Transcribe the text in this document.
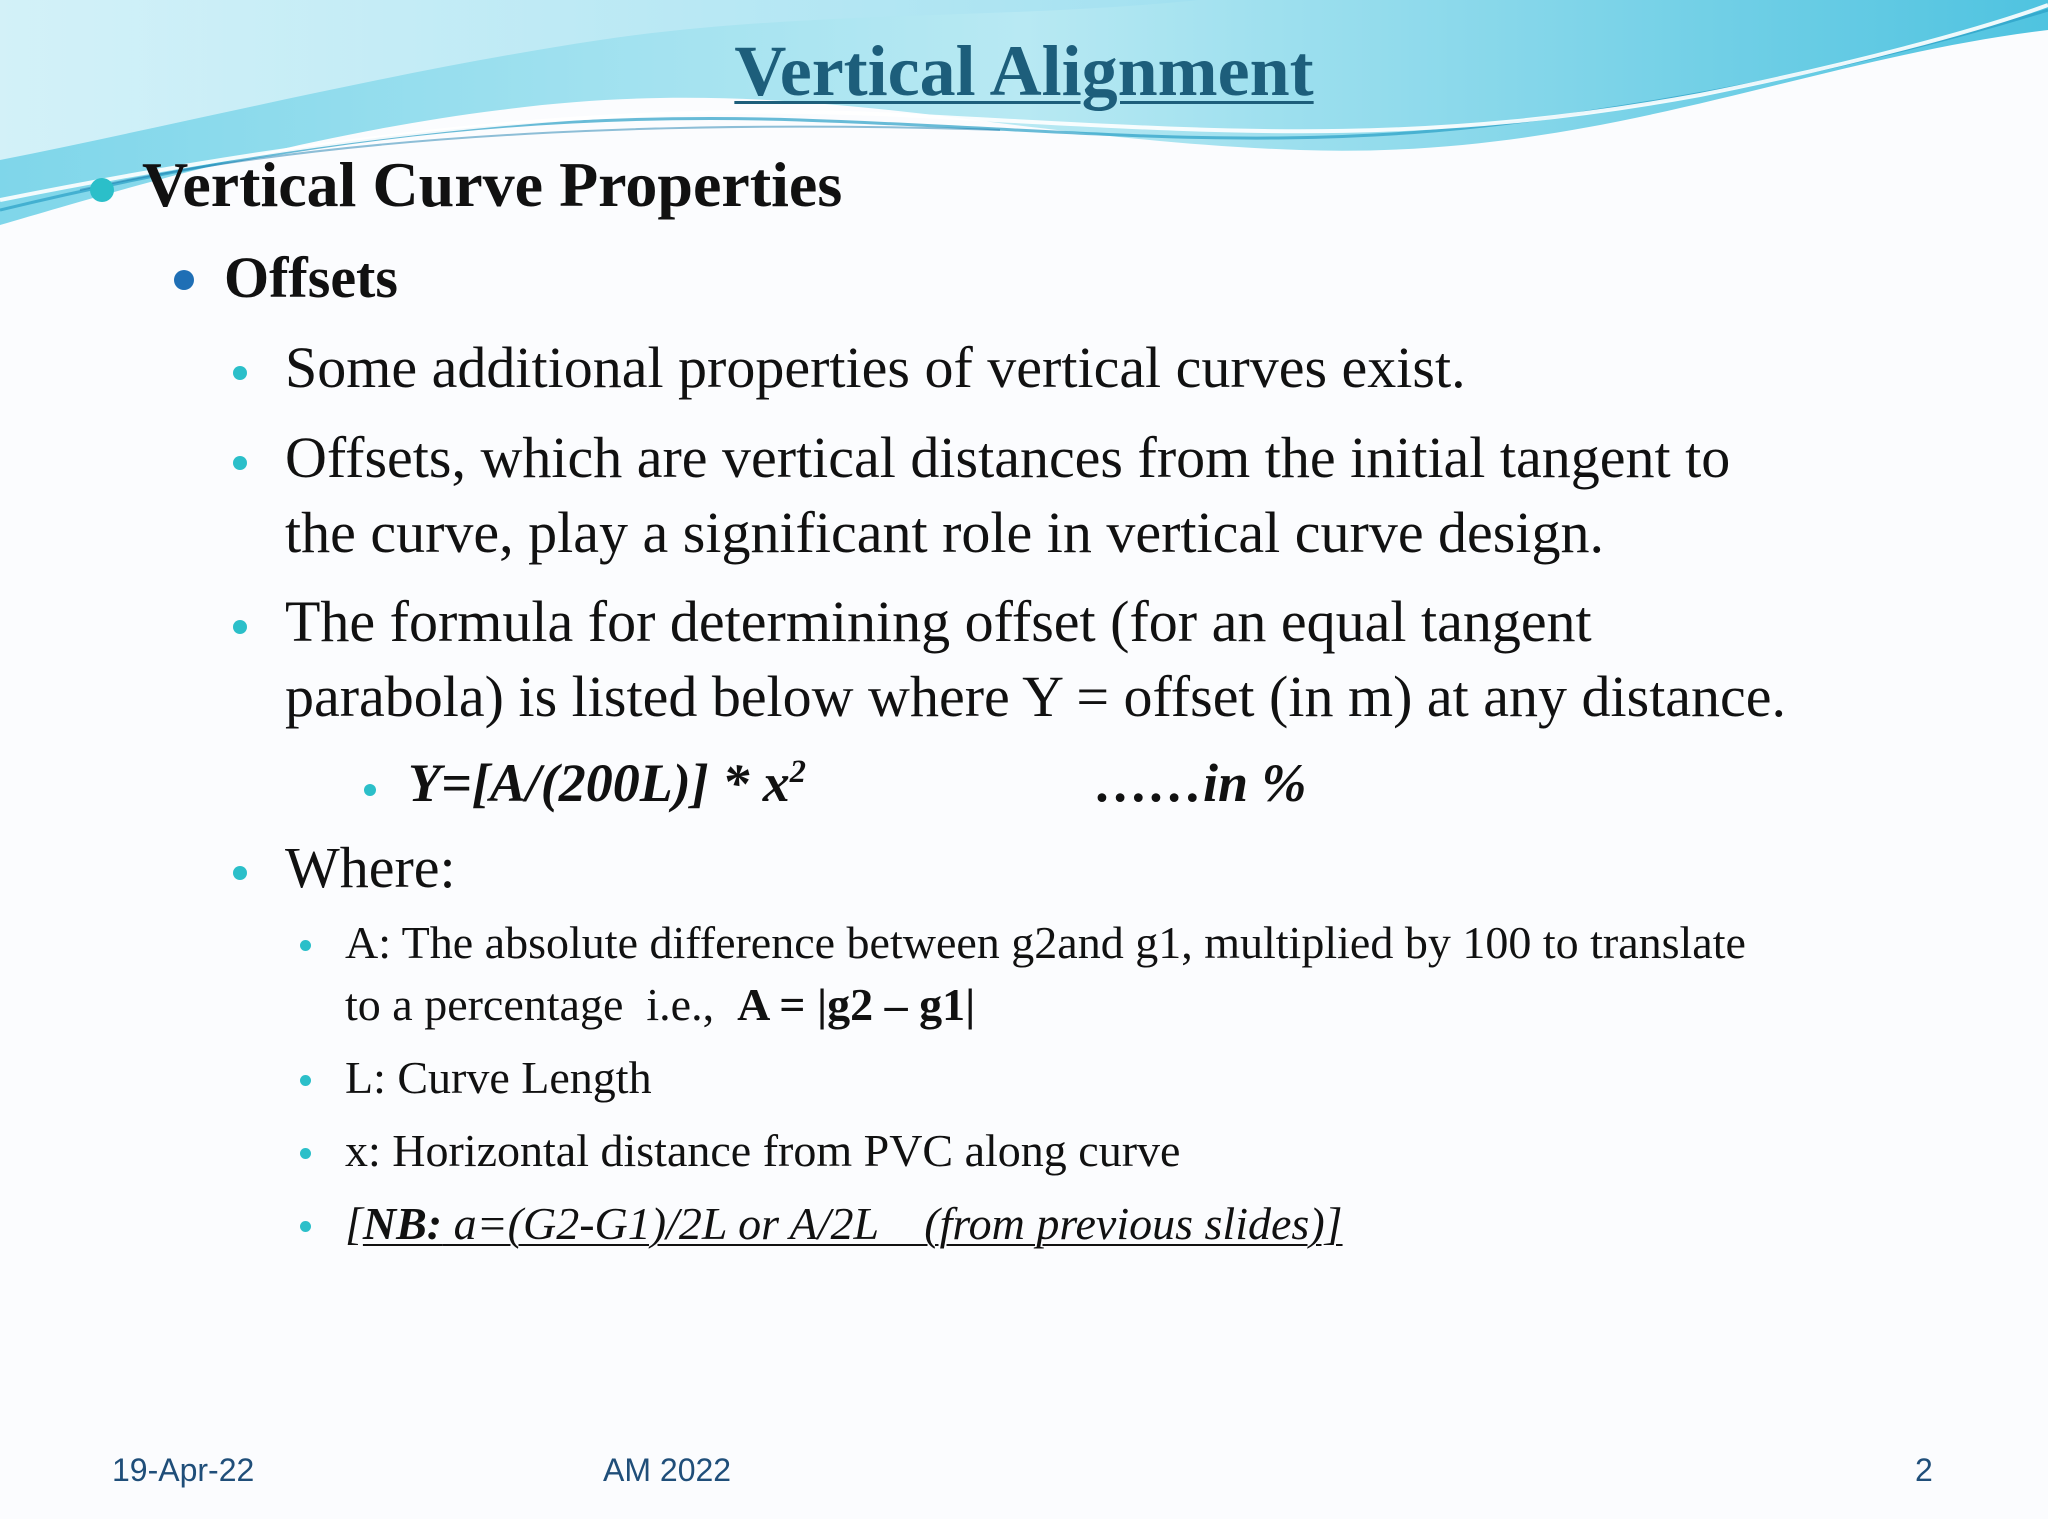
Vertical Alignment
Vertical Curve Properties
Offsets
Some additional properties of vertical curves exist.
Offsets, which are vertical distances from the initial tangent to
the curve, play a significant role in vertical curve design.
The formula for determining offset (for an equal tangent
parabola) is listed below where Y = offset (in m) at any distance.
$Y=[A/(200L)] * x^2$	……in %
Where:
A: The absolute difference between g2and g1, multiplied by 100 to translate
to a percentage  i.e.,  A = |g2 – g1|
L: Curve Length
x: Horizontal distance from PVC along curve
[NB: a=(G2-G1)/2L or A/2L    (from previous slides)]
19-Apr-22	AM 2022	2
